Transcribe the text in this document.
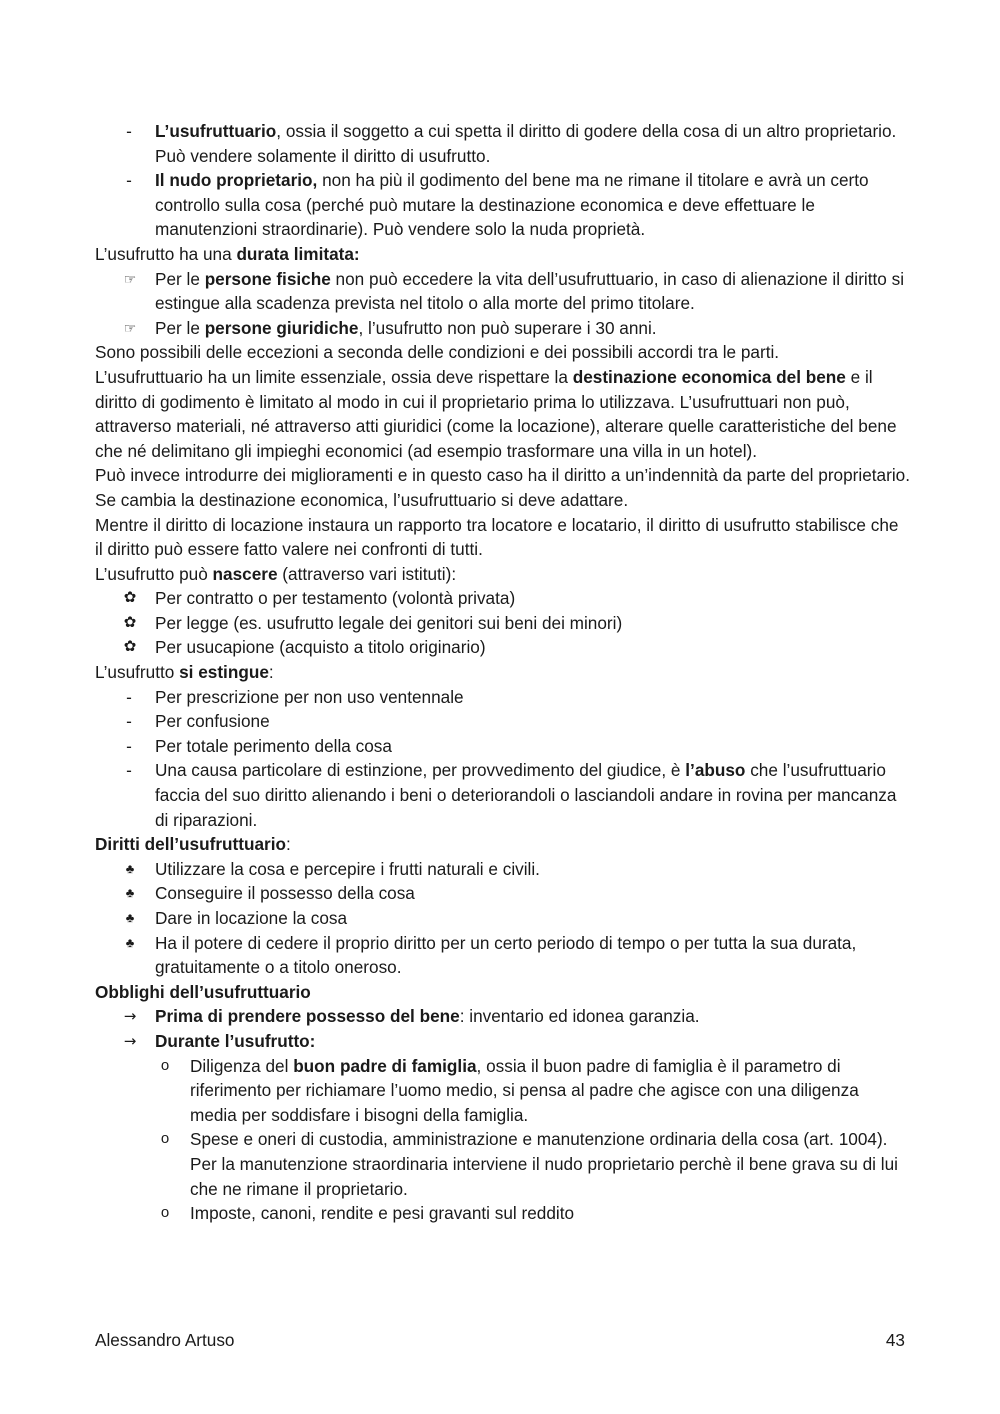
- L’usufruttuario, ossia il soggetto a cui spetta il diritto di godere della cosa di un altro proprietario. Può vendere solamente il diritto di usufrutto.
- Il nudo proprietario, non ha più il godimento del bene ma ne rimane il titolare e avrà un certo controllo sulla cosa (perché può mutare la destinazione economica e deve effettuare le manutenzioni straordinarie). Può vendere solo la nuda proprietà.

L’usufrutto ha una durata limitata:

☞ Per le persone fisiche non può eccedere la vita dell’usufruttuario, in caso di alienazione il diritto si estingue alla scadenza prevista nel titolo o alla morte del primo titolare.
☞ Per le persone giuridiche, l’usufrutto non può superare i 30 anni.

Sono possibili delle eccezioni a seconda delle condizioni e dei possibili accordi tra le parti.

L’usufruttuario ha un limite essenziale, ossia deve rispettare la destinazione economica del bene e il diritto di godimento è limitato al modo in cui il proprietario prima lo utilizzava. L’usufruttuari non può, attraverso materiali, né attraverso atti giuridici (come la locazione), alterare quelle caratteristiche del bene che né delimitano gli impieghi economici (ad esempio trasformare una villa in un hotel).

Può invece introdurre dei miglioramenti e in questo caso ha il diritto a un’indennità da parte del proprietario. Se cambia la destinazione economica, l’usufruttuario si deve adattare.

Mentre il diritto di locazione instaura un rapporto tra locatore e locatario, il diritto di usufrutto stabilisce che il diritto può essere fatto valere nei confronti di tutti.

L’usufrutto può nascere (attraverso vari istituti):

✿ Per contratto o per testamento (volontà privata)
✿ Per legge (es. usufrutto legale dei genitori sui beni dei minori)
✿ Per usucapione (acquisto a titolo originario)

L’usufrutto si estingue:

- Per prescrizione per non uso ventennale
- Per confusione
- Per totale perimento della cosa
- Una causa particolare di estinzione, per provvedimento del giudice, è l’abuso che l’usufruttuario faccia del suo diritto alienando i beni o deteriorandoli o lasciandoli andare in rovina per mancanza di riparazioni.

Diritti dell’usufruttuario:

♣	Utilizzare la cosa e percepire i frutti naturali e civili.
♣	Conseguire il possesso della cosa
♣	Dare in locazione la cosa
♣	Ha il potere di cedere il proprio diritto per un certo periodo di tempo o per tutta la sua durata, gratuitamente o a titolo oneroso.

Obblighi dell’usufruttuario

→ Prima di prendere possesso del bene: inventario ed idonea garanzia.
→ Durante l’usufrutto:
o	Diligenza del buon padre di famiglia, ossia il buon padre di famiglia è il parametro di riferimento per richiamare l’uomo medio, si pensa al padre che agisce con una diligenza media per soddisfare i bisogni della famiglia.
o	Spese e oneri di custodia, amministrazione e manutenzione ordinaria della cosa (art. 1004). Per la manutenzione straordinaria interviene il nudo proprietario perchè il bene grava su di lui che ne rimane il proprietario.
o	Imposte, canoni, rendite e pesi gravanti sul reddito
Alessandro Artuso	43
